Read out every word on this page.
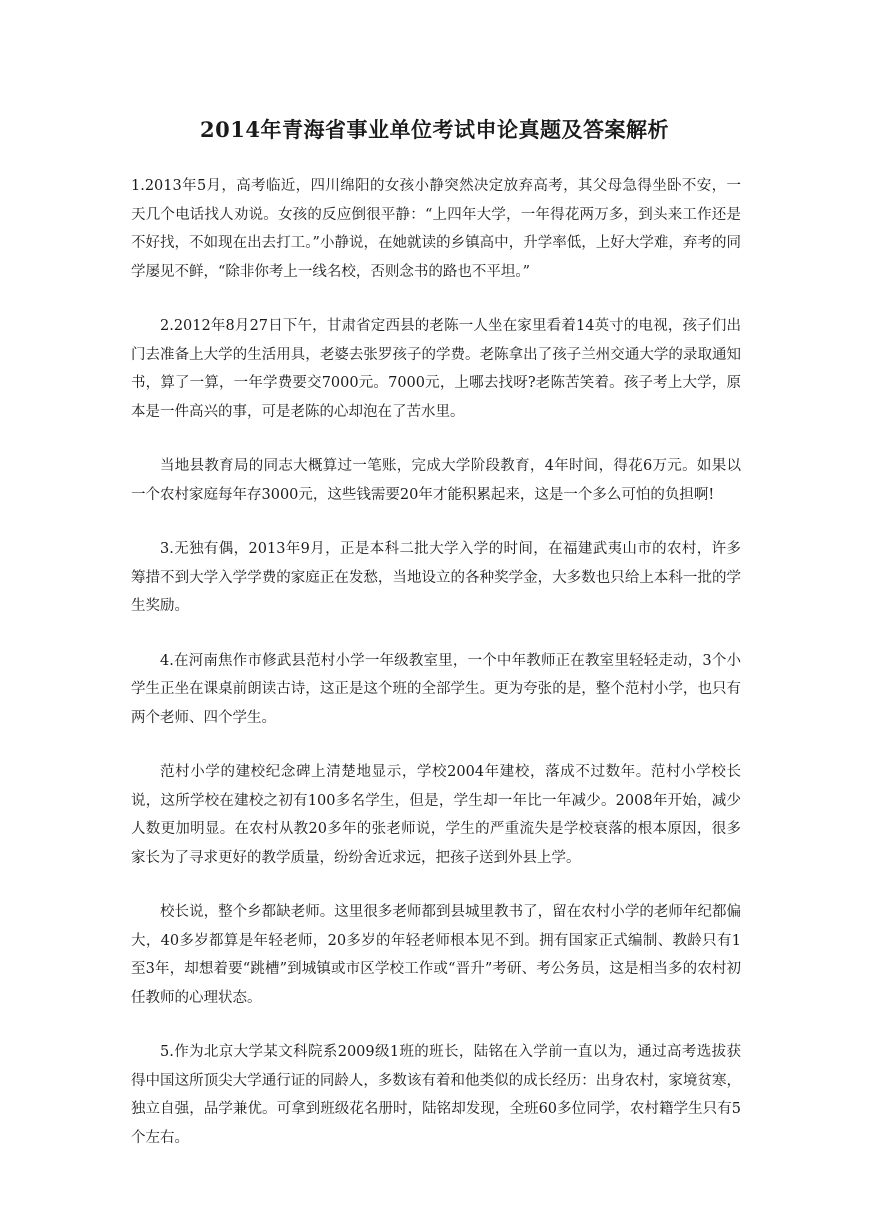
2014年青海省事业单位考试申论真题及答案解析

1.2013年5月，高考临近，四川绵阳的女孩小静突然决定放弃高考，其父母急得坐卧不安，一天几个电话找人劝说。女孩的反应倒很平静：“上四年大学，一年得花两万多，到头来工作还是不好找，不如现在出去打工。”小静说，在她就读的乡镇高中，升学率低，上好大学难，弃考的同学屡见不鲜，“除非你考上一线名校，否则念书的路也不平坦。”

2.2012年8月27日下午，甘肃省定西县的老陈一人坐在家里看着14英寸的电视，孩子们出门去准备上大学的生活用具，老婆去张罗孩子的学费。老陈拿出了孩子兰州交通大学的录取通知书，算了一算，一年学费要交7000元。7000元，上哪去找呀?老陈苦笑着。孩子考上大学，原本是一件高兴的事，可是老陈的心却泡在了苦水里。

当地县教育局的同志大概算过一笔账，完成大学阶段教育，4年时间，得花6万元。如果以一个农村家庭每年存3000元，这些钱需要20年才能积累起来，这是一个多么可怕的负担啊!

3.无独有偶，2013年9月，正是本科二批大学入学的时间，在福建武夷山市的农村，许多筹措不到大学入学学费的家庭正在发愁，当地设立的各种奖学金，大多数也只给上本科一批的学生奖励。

4.在河南焦作市修武县范村小学一年级教室里，一个中年教师正在教室里轻轻走动，3个小学生正坐在课桌前朗读古诗，这正是这个班的全部学生。更为夸张的是，整个范村小学，也只有两个老师、四个学生。

范村小学的建校纪念碑上清楚地显示，学校2004年建校，落成不过数年。范村小学校长说，这所学校在建校之初有100多名学生，但是，学生却一年比一年减少。2008年开始，减少人数更加明显。在农村从教20多年的张老师说，学生的严重流失是学校衰落的根本原因，很多家长为了寻求更好的教学质量，纷纷舍近求远，把孩子送到外县上学。

校长说，整个乡都缺老师。这里很多老师都到县城里教书了，留在农村小学的老师年纪都偏大，40多岁都算是年轻老师，20多岁的年轻老师根本见不到。拥有国家正式编制、教龄只有1至3年，却想着要“跳槽”到城镇或市区学校工作或“晋升”考研、考公务员，这是相当多的农村初任教师的心理状态。

5.作为北京大学某文科院系2009级1班的班长，陆铭在入学前一直以为，通过高考选拔获得中国这所顶尖大学通行证的同龄人，多数该有着和他类似的成长经历：出身农村，家境贫寒，独立自强，品学兼优。可拿到班级花名册时，陆铭却发现，全班60多位同学，农村籍学生只有5个左右。
